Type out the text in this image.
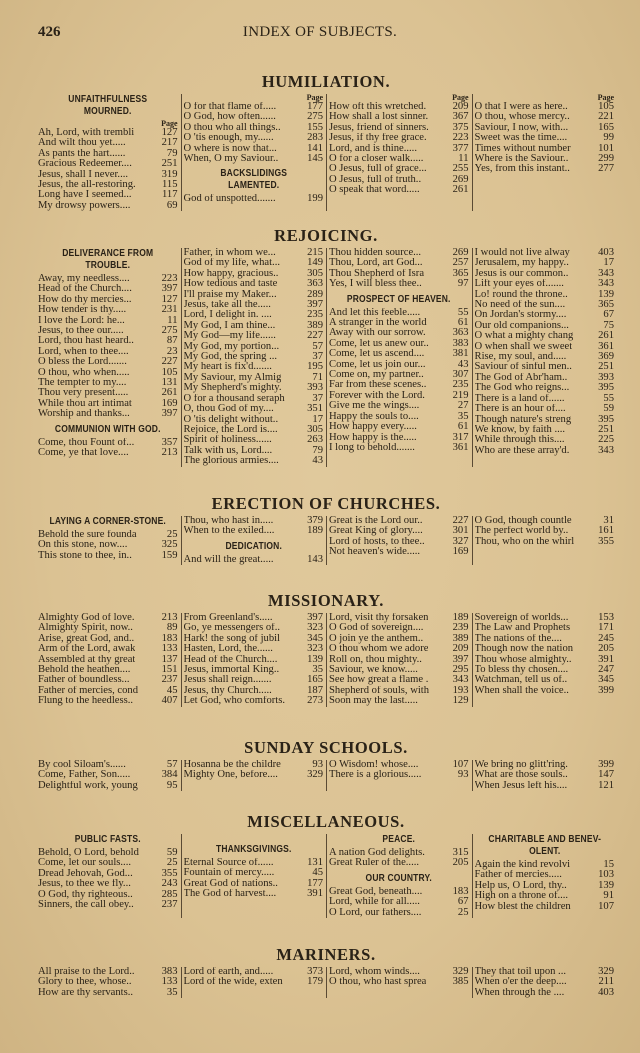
426	INDEX OF SUBJECTS.
HUMILIATION.
UNFAITHFULNESS MOURNED.
Page
Ah, Lord, with trembli	127
And wilt thou yet.....	217
As pants the hart......	79
Gracious Redeemer....	251
Jesus, shall I never....	319
Jesus, the all-restoring.	115
Long have I seemed...	117
My drowsy powers....	69
Page
O for that flame of.....	177
O God, how often......	275
O thou who all things..	155
O 'tis enough, my......	283
O where is now that...	141
When, O my Saviour..	145
BACKSLIDINGS LAMENTED.
God of unspotted.......	199
Page
How oft this wretched.	209
How shall a lost sinner.	367
Jesus, friend of sinners.	375
Jesus, if thy free grace.	223
Lord, and is thine.....	377
O for a closer walk.....	11
O Jesus, full of grace...	255
O Jesus, full of truth..	269
O speak that word.....	261
Page
O that I were as here..	105
O thou, whose mercy..	221
Saviour, I now, with...	165
Sweet was the time....	99
Times without number	101
Where is the Saviour..	299
Yes, from this instant..	277
REJOICING.
DELIVERANCE FROM TROUBLE.
Away, my needless....	223
Head of the Church....	397
How do thy mercies...	127
How tender is thy.....	231
I love the Lord: he...	11
Jesus, to thee our.....	275
Lord, thou hast heard..	87
Lord, when to thee....	23
O bless the Lord.......	227
O thou, who when.....	105
The tempter to my....	131
Thou very present.....	261
While thou art intimat	169
Worship and thanks...	397
COMMUNION WITH GOD.
Come, thou Fount of...	357
Come, ye that love....	213
Father, in whom we...	215
God of my life, what...	149
How happy, gracious..	305
How tedious and taste	363
I'll praise my Maker...	289
Jesus, take all the.....	397
Lord, I delight in. ....	235
My God, I am thine...	389
My God—my life......	227
My God, my portion...	57
My God, the spring ...	37
My heart is fix'd.......	195
My Saviour, my Almig	71
My Shepherd's mighty.	393
O for a thousand seraph	37
O, thou God of my....	351
O 'tis delight without..	17
Rejoice, the Lord is....	305
Spirit of holiness......	263
Talk with us, Lord....	79
The glorious armies....	43
Thou hidden source...	269
Thou, Lord, art God...	257
Thou Shepherd of Isra	365
Yes, I will bless thee..	97
PROSPECT OF HEAVEN.
And let this feeble.....	55
A stranger in the world	61
Away with our sorrow.	363
Come, let us anew our..	383
Come, let us ascend....	381
Come, let us join our...	43
Come on, my partner..	307
Far from these scenes..	235
Forever with the Lord.	219
Give me the wings....	27
Happy the souls to....	35
How happy every.....	61
How happy is the.....	317
I long to behold.......	361
I would not live alway	403
Jerusalem, my happy..	17
Jesus is our common..	343
Lift your eyes of.......	343
Lo! round the throne..	139
No need of the sun....	365
On Jordan's stormy....	67
Our old companions...	75
O what a mighty chang	261
O when shall we sweet	361
Rise, my soul, and.....	369
Saviour of sinful men..	251
The God of Abr'ham..	393
The God who reigns...	395
There is a land of......	55
There is an hour of....	59
Though nature's streng	395
We know, by faith ....	251
While through this....	225
Who are these array'd.	343
ERECTION OF CHURCHES.
LAYING A CORNER-STONE.
Behold the sure founda	25
On this stone, now....	325
This stone to thee, in..	159
Thou, who hast in.....	379
When to the exiled....	189
DEDICATION.
And will the great.....	143
Great is the Lord our..	227
Great King of glory....	301
Lord of hosts, to thee..	327
Not heaven's wide.....	169
O God, though countle	31
The perfect world by..	161
Thou, who on the whirl	355
MISSIONARY.
Almighty God of love.	213
Almighty Spirit, now..	89
Arise, great God, and..	183
Arm of the Lord, awak	133
Assembled at thy great	137
Behold the heathen....	151
Father of boundless...	237
Father of mercies, cond	45
Flung to the heedless..	407
From Greenland's.....	397
Go, ye messengers of..	323
Hark! the song of jubil	345
Hasten, Lord, the......	323
Head of the Church....	139
Jesus, immortal King..	35
Jesus shall reign.......	165
Jesus, thy Church.....	187
Let God, who comforts.	273
Lord, visit thy forsaken	189
O God of sovereign....	239
O join ye the anthem..	389
O thou whom we adore	209
Roll on, thou mighty..	397
Saviour, we know.....	295
See how great a flame .	343
Shepherd of souls, with	193
Soon may the last.....	129
Sovereign of worlds...	153
The Law and Prophets	171
The nations of the....	245
Though now the nation	205
Thou whose almighty..	391
To bless thy chosen....	247
Watchman, tell us of..	345
When shall the voice..	399
SUNDAY SCHOOLS.
By cool Siloam's......	57
Come, Father, Son.....	384
Delightful work, young	95
Hosanna be the childre	93
Mighty One, before....	329
O Wisdom! whose....	107
There is a glorious.....	93
We bring no glitt'ring.	399
What are those souls..	147
When Jesus left his....	121
MISCELLANEOUS.
PUBLIC FASTS.
Behold, O Lord, behold	59
Come, let our souls....	25
Dread Jehovah, God...	355
Jesus, to thee we fly...	243
O God, thy righteous..	285
Sinners, the call obey..	237
THANKSGIVINGS.
Eternal Source of......	131
Fountain of mercy.....	45
Great God of nations..	177
The God of harvest....	391
PEACE.
A nation God delights.	315
Great Ruler of the.....	205
OUR COUNTRY.
Great God, beneath....	183
Lord, while for all.....	67
O Lord, our fathers....	25
CHARITABLE AND BENEV-OLENT.
Again the kind revolvi	15
Father of mercies.....	103
Help us, O Lord, thy..	139
High on a throne of....	91
How blest the children	107
MARINERS.
All praise to the Lord..	383
Glory to thee, whose..	133
How are thy servants..	35
Lord of earth, and.....	373
Lord of the wide, exten	179
Lord, whom winds....	329
O thou, who hast sprea	385
They that toil upon ...	329
When o'er the deep....	211
When through the ....	403
